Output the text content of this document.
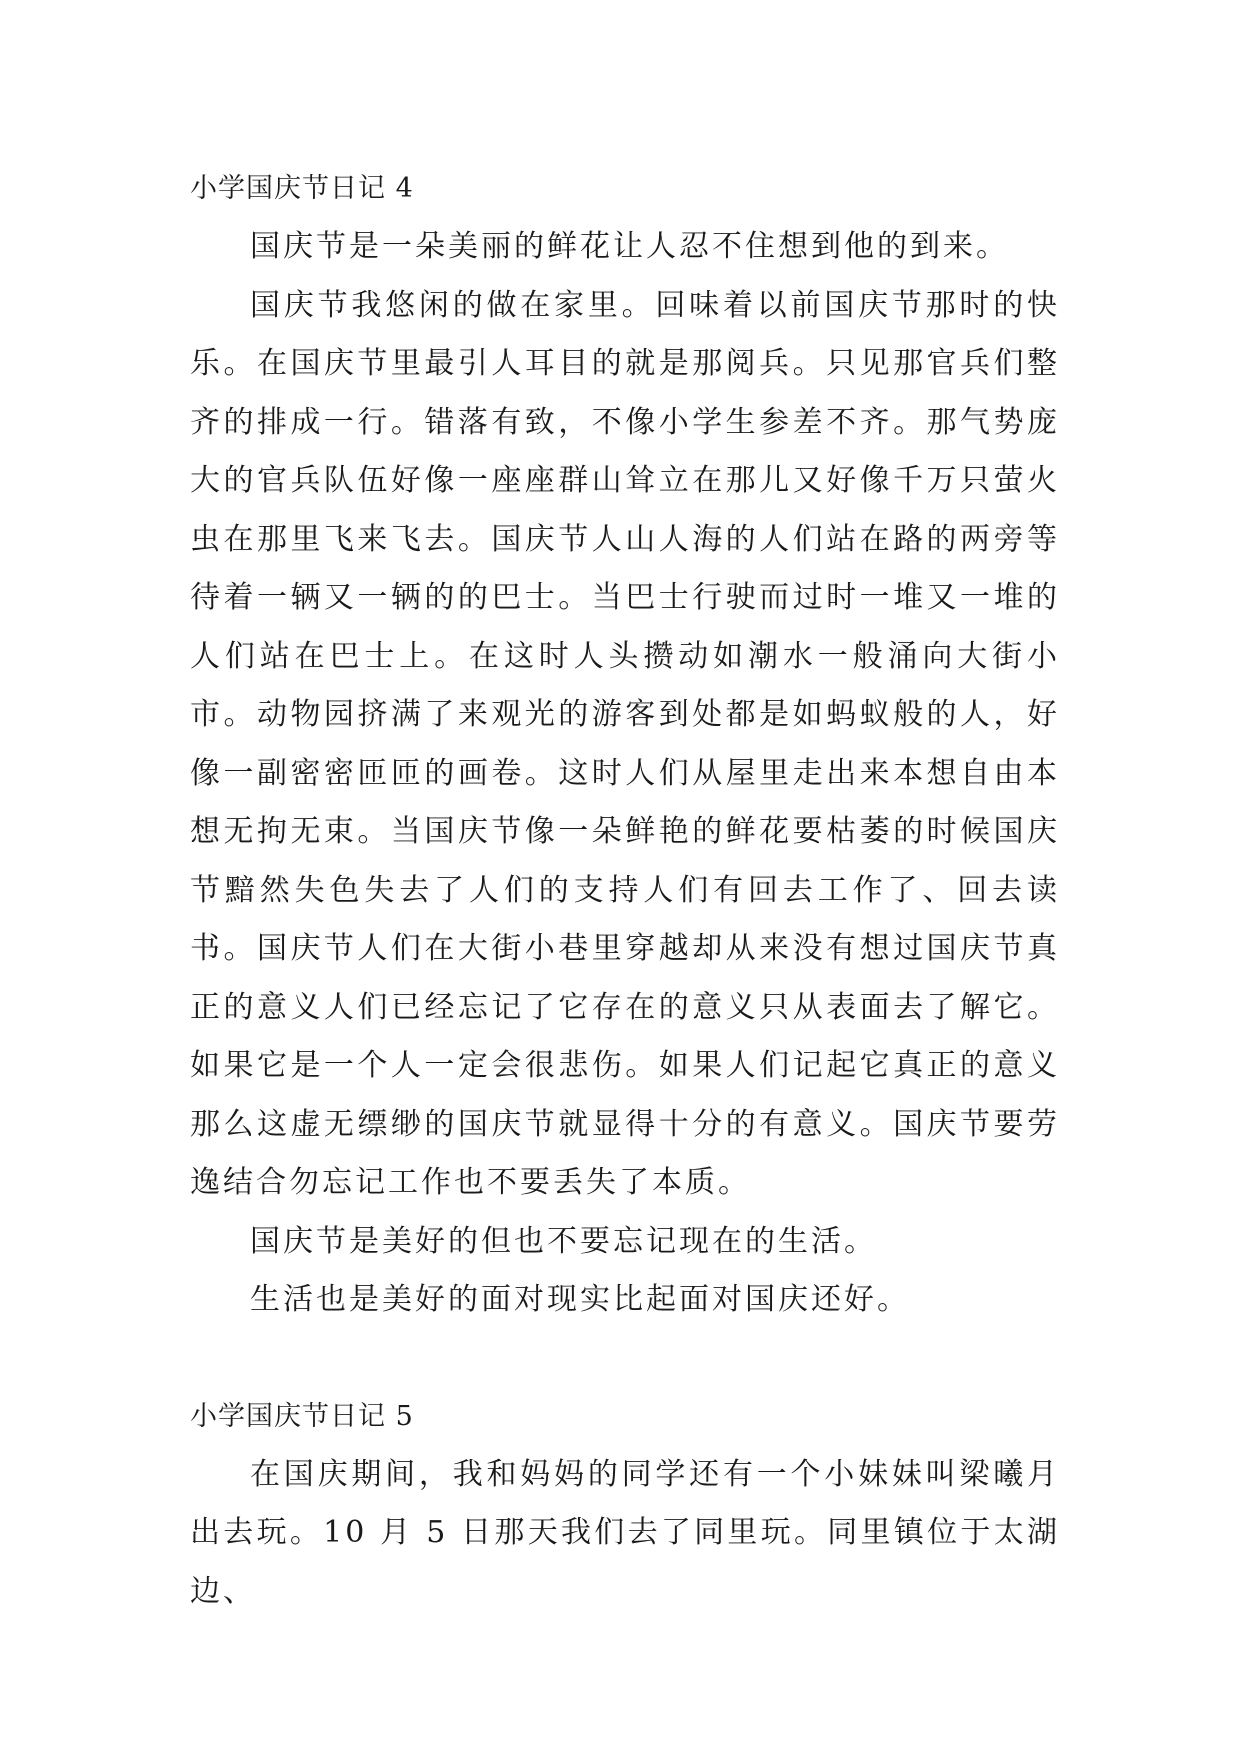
小学国庆节日记 4

国庆节是一朵美丽的鲜花让人忍不住想到他的到来。

国庆节我悠闲的做在家里。回味着以前国庆节那时的快乐。在国庆节里最引人耳目的就是那阅兵。只见那官兵们整齐的排成一行。错落有致，不像小学生参差不齐。那气势庞大的官兵队伍好像一座座群山耸立在那儿又好像千万只萤火虫在那里飞来飞去。国庆节人山人海的人们站在路的两旁等待着一辆又一辆的的巴士。当巴士行驶而过时一堆又一堆的人们站在巴士上。在这时人头攒动如潮水一般涌向大街小市。动物园挤满了来观光的游客到处都是如蚂蚁般的人，好像一副密密匝匝的画卷。这时人们从屋里走出来本想自由本想无拘无束。当国庆节像一朵鲜艳的鲜花要枯萎的时候国庆节黯然失色失去了人们的支持人们有回去工作了、回去读书。国庆节人们在大街小巷里穿越却从来没有想过国庆节真正的意义人们已经忘记了它存在的意义只从表面去了解它。如果它是一个人一定会很悲伤。如果人们记起它真正的意义那么这虚无缥缈的国庆节就显得十分的有意义。国庆节要劳逸结合勿忘记工作也不要丢失了本质。

国庆节是美好的但也不要忘记现在的生活。

生活也是美好的面对现实比起面对国庆还好。

小学国庆节日记 5

在国庆期间，我和妈妈的同学还有一个小妹妹叫梁曦月出去玩。10 月 5 日那天我们去了同里玩。同里镇位于太湖边、
